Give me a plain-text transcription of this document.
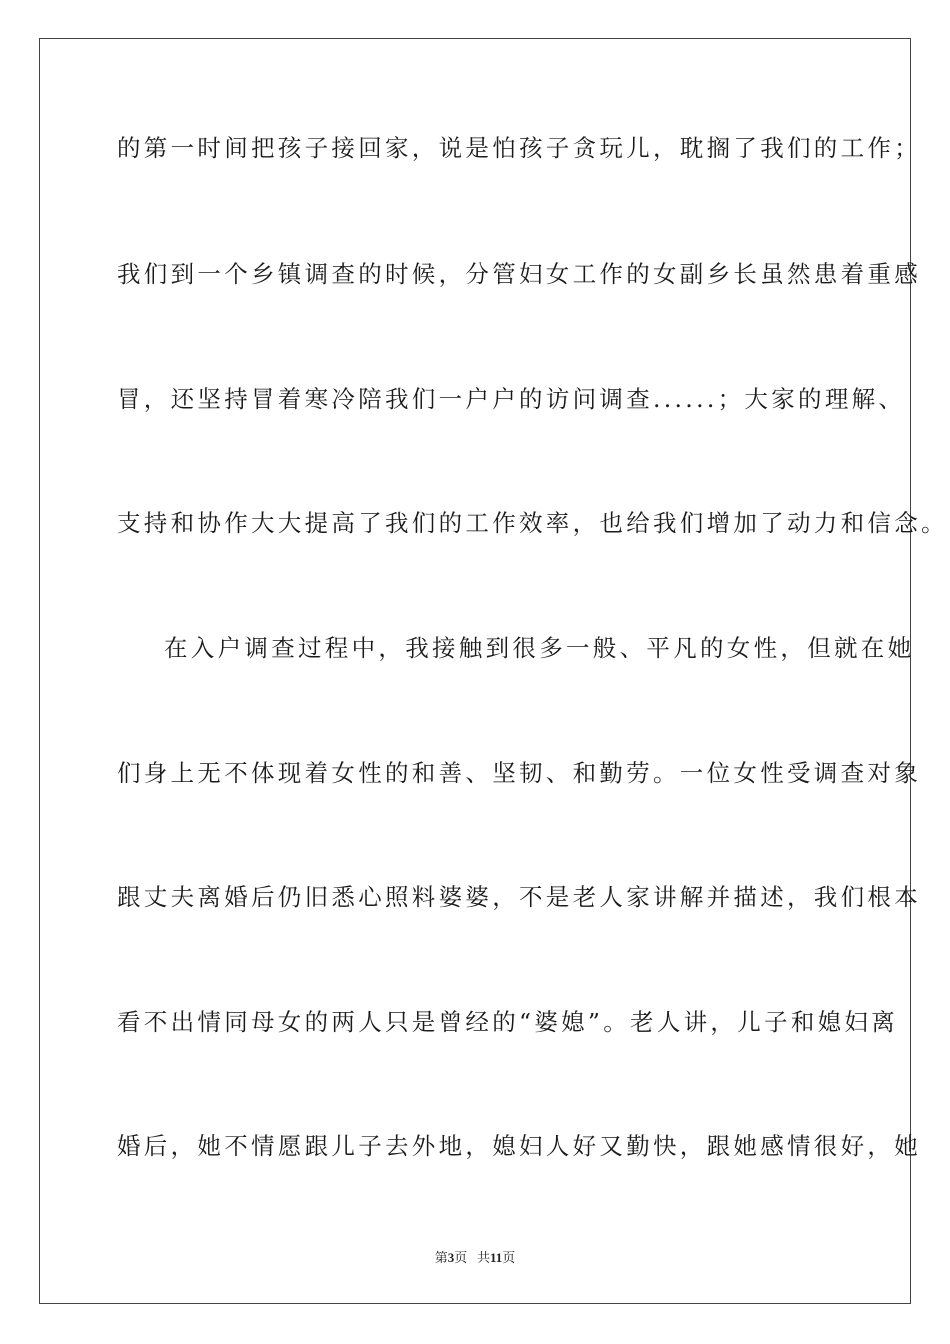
的第一时间把孩子接回家，说是怕孩子贪玩儿，耽搁了我们的工作；
我们到一个乡镇调查的时候，分管妇女工作的女副乡长虽然患着重感
冒，还坚持冒着寒冷陪我们一户户的访问调查......；大家的理解、
支持和协作大大提高了我们的工作效率，也给我们增加了动力和信念。
在入户调查过程中，我接触到很多一般、平凡的女性，但就在她
们身上无不体现着女性的和善、坚韧、和勤劳。一位女性受调查对象
跟丈夫离婚后仍旧悉心照料婆婆，不是老人家讲解并描述，我们根本
看不出情同母女的两人只是曾经的“婆媳”。老人讲，儿子和媳妇离
婚后，她不情愿跟儿子去外地，媳妇人好又勤快，跟她感情很好，她
第3页 共11页
